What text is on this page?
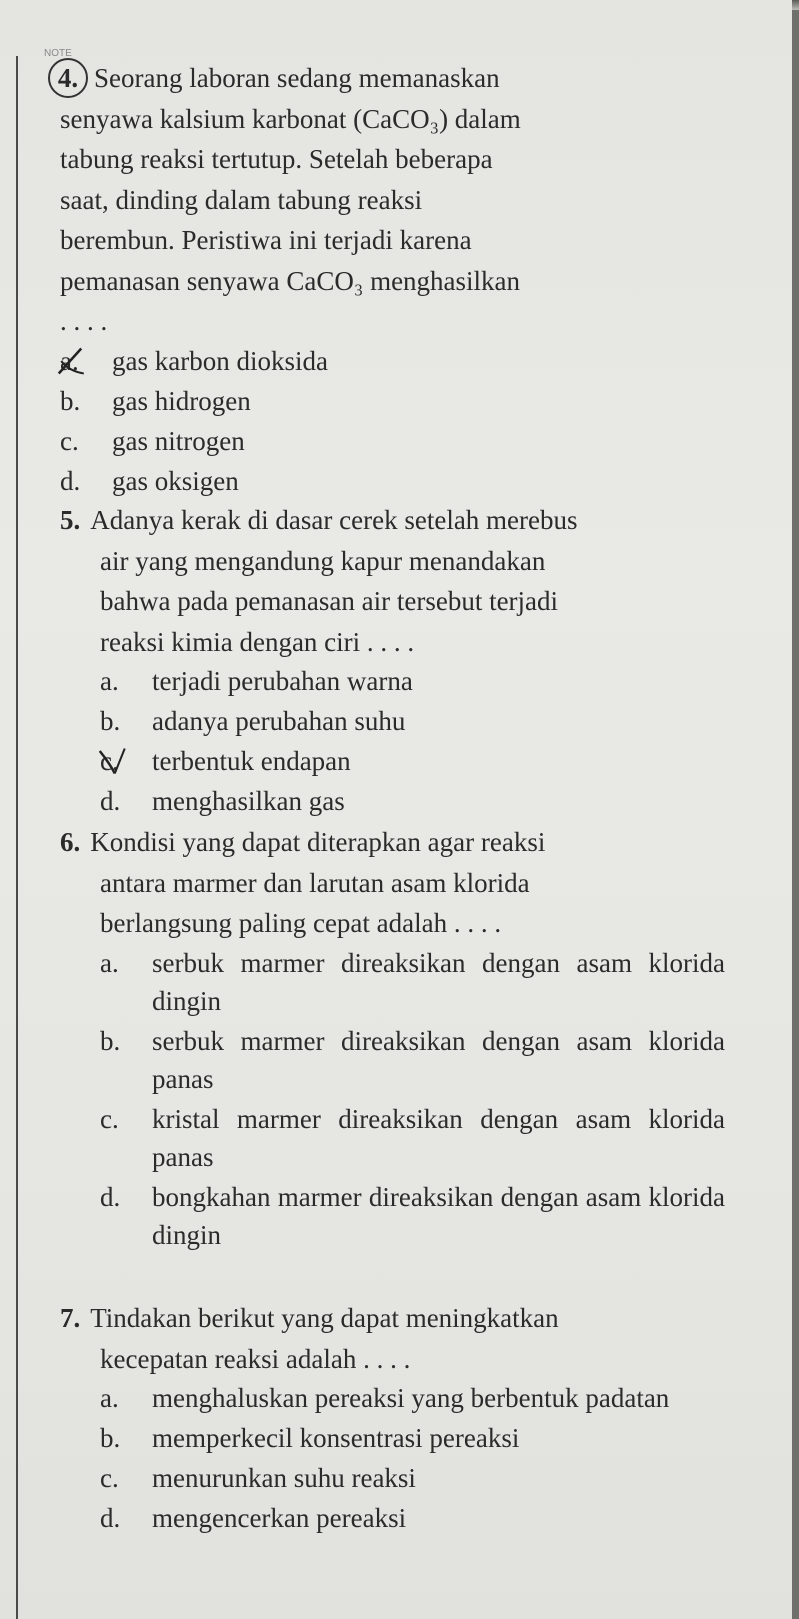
NOTE

4. Seorang laboran sedang memanaskan
senyawa kalsium karbonat (CaCO₃) dalam
tabung reaksi tertutup. Setelah beberapa
saat, dinding dalam tabung reaksi
berembun. Peristiwa ini terjadi karena
pemanasan senyawa CaCO₃ menghasilkan
. . . .

a. gas karbon dioksida
b. gas hidrogen
c. gas nitrogen
d. gas oksigen

5. Adanya kerak di dasar cerek setelah merebus
air yang mengandung kapur menandakan
bahwa pada pemanasan air tersebut terjadi
reaksi kimia dengan ciri . . . .

a. terjadi perubahan warna
b. adanya perubahan suhu
c. terbentuk endapan
d. menghasilkan gas

6. Kondisi yang dapat diterapkan agar reaksi
antara marmer dan larutan asam klorida
berlangsung paling cepat adalah . . . .

a. serbuk marmer direaksikan dengan asam klorida dingin
b. serbuk marmer direaksikan dengan asam klorida panas
c. kristal marmer direaksikan dengan asam klorida panas
d. bongkahan marmer direaksikan dengan asam klorida dingin

7. Tindakan berikut yang dapat meningkatkan
kecepatan reaksi adalah . . . .

a. menghaluskan pereaksi yang berbentuk padatan
b. memperkecil konsentrasi pereaksi
c. menurunkan suhu reaksi
d. mengencerkan pereaksi
